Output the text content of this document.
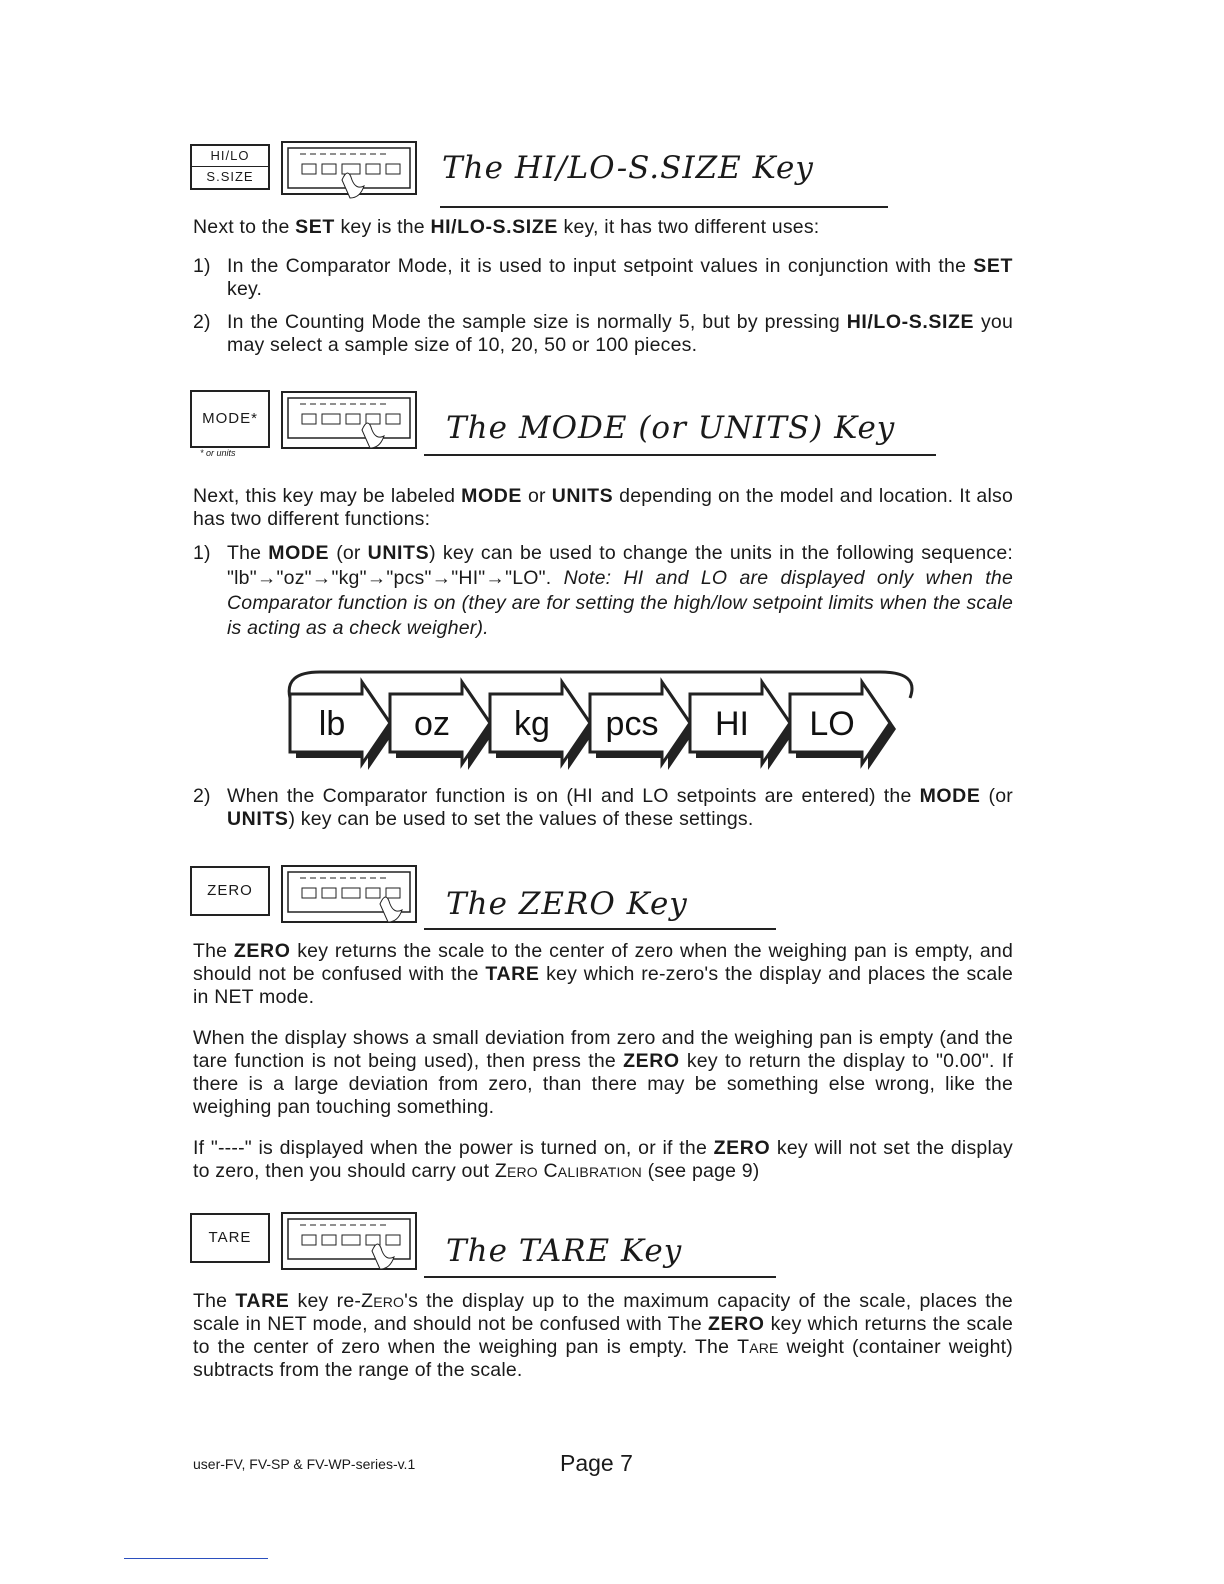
HI/LO
S.SIZE	The HI/LO-S.SIZE Key
Next to the SET key is the HI/LO-S.SIZE key, it has two different uses:
1) In the Comparator Mode, it is used to input setpoint values in conjunction with the SET key.
2) In the Counting Mode the sample size is normally 5, but by pressing HI/LO-S.SIZE you may select a sample size of 10, 20, 50 or 100 pieces.
MODE*
* or units
The MODE (or UNITS) Key
Next, this key may be labeled MODE or UNITS depending on the model and location. It also has two different functions:
1) The MODE (or UNITS) key can be used to change the units in the following sequence: "lb"→"oz"→"kg"→"pcs"→"HI"→"LO". Note: HI and LO are displayed only when the Comparator function is on (they are for setting the high/low setpoint limits when the scale is acting as a check weigher).
lb oz kg pcs HI LO
2) When the Comparator function is on (HI and LO setpoints are entered) the MODE (or UNITS) key can be used to set the values of these settings.
ZERO	The ZERO Key
The ZERO key returns the scale to the center of zero when the weighing pan is empty, and should not be confused with the TARE key which re-zero's the display and places the scale in NET mode.
When the display shows a small deviation from zero and the weighing pan is empty (and the tare function is not being used), then press the ZERO key to return the display to "0.00". If there is a large deviation from zero, than there may be something else wrong, like the weighing pan touching something.
If "----" is displayed when the power is turned on, or if the ZERO key will not set the display to zero, then you should carry out Zero Calibration (see page 9)
TARE	The TARE Key
The TARE key re-Zero's the display up to the maximum capacity of the scale, places the scale in NET mode, and should not be confused with The ZERO key which returns the scale to the center of zero when the weighing pan is empty. The Tare weight (container weight) subtracts from the range of the scale.
user-FV, FV-SP & FV-WP-series-v.1	Page 7
